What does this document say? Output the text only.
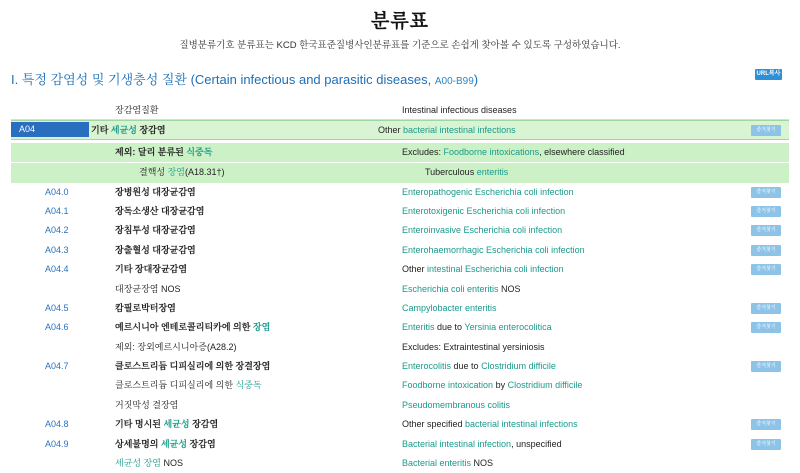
분류표
질병분류기호 분류표는 KCD 한국표준질병사인분류표를 기준으로 손쉽게 찾아볼 수 있도록 구성하였습니다.
I. 특정 감염성 및 기생충성 질환 (Certain infectious and parasitic diseases, A00-B99)	URL복사
장감염질환	Intestinal infectious diseases
A04	기타 세균성 장감염	Other bacterial intestinal infections	즐겨찾기
제외: 달리 분류된 식중독	Excludes: Foodborne intoxications, elsewhere classified
결핵성 장염(A18.31†)	Tuberculous enteritis
A04.0	장병원성 대장균감염	Enteropathogenic Escherichia coli infection	즐겨찾기
A04.1	장독소생산 대장균감염	Enterotoxigenic Escherichia coli infection	즐겨찾기
A04.2	장침투성 대장균감염	Enteroinvasive Escherichia coli infection	즐겨찾기
A04.3	장출혈성 대장균감염	Enterohaemorrhagic Escherichia coli infection	즐겨찾기
A04.4	기타 장대장균감염	Other intestinal Escherichia coli infection	즐겨찾기
대장균장염 NOS	Escherichia coli enteritis NOS
A04.5	캄필로박터장염	Campylobacter enteritis	즐겨찾기
A04.6	예르시니아 엔테로콜리티카에 의한 장염	Enteritis due to Yersinia enterocolitica	즐겨찾기
제외: 장외예르시니아증(A28.2)	Excludes: Extraintestinal yersiniosis
A04.7	클로스트리듐 디피실리에 의한 장결장염	Enterocolitis due to Clostridium difficile	즐겨찾기
클로스트리듐 디피실리에 의한 식중독	Foodborne intoxication by Clostridium difficile
거짓막성 결장염	Pseudomembranous colitis
A04.8	기타 명시된 세균성 장감염	Other specified bacterial intestinal infections	즐겨찾기
A04.9	상세불명의 세균성 장감염	Bacterial intestinal infection, unspecified	즐겨찾기
세균성 장염 NOS	Bacterial enteritis NOS
